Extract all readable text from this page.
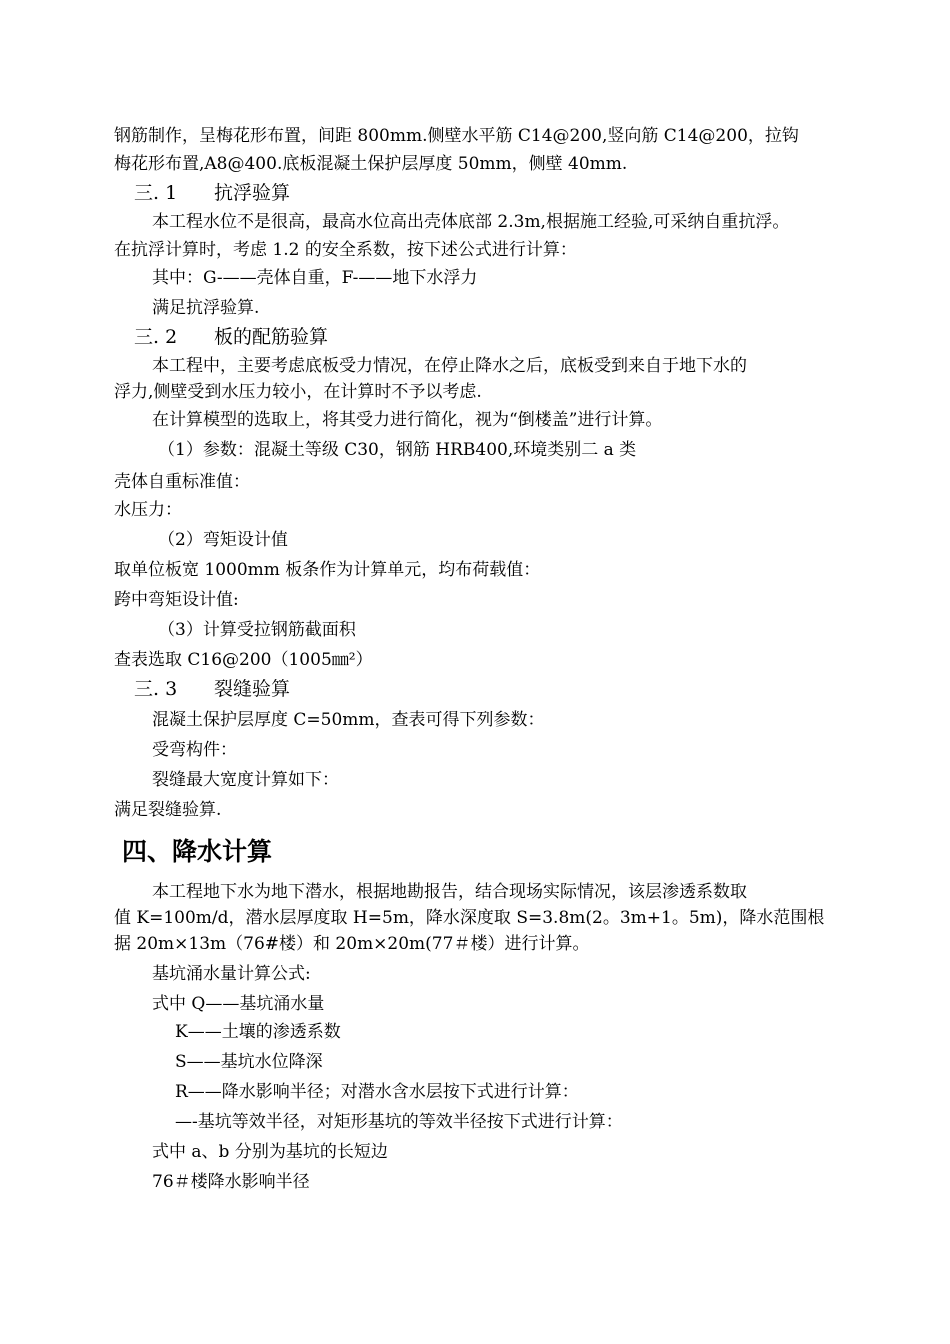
钢筋制作，呈梅花形布置，间距 800mm.侧壁水平筋 C14@200,竖向筋 C14@200，拉钩
梅花形布置,A8@400.底板混凝土保护层厚度 50mm，侧壁 40mm.
三. 1 抗浮验算
本工程水位不是很高，最高水位高出壳体底部 2.3m,根据施工经验,可采纳自重抗浮。
在抗浮计算时，考虑 1.2 的安全系数，按下述公式进行计算：
其中：G-——壳体自重，F-——地下水浮力
满足抗浮验算.
三. 2 板的配筋验算
本工程中，主要考虑底板受力情况，在停止降水之后，底板受到来自于地下水的
浮力,侧壁受到水压力较小，在计算时不予以考虑.
在计算模型的选取上，将其受力进行简化，视为“倒楼盖”进行计算。
（1）参数：混凝土等级 C30，钢筋 HRB400,环境类别二 a 类
壳体自重标准值：
水压力：
（2）弯矩设计值
取单位板宽 1000mm 板条作为计算单元，均布荷载值：
跨中弯矩设计值:
（3）计算受拉钢筋截面积
查表选取 C16@200（1005㎜²）
三. 3 裂缝验算
混凝土保护层厚度 C=50mm，查表可得下列参数：
受弯构件：
裂缝最大宽度计算如下：
满足裂缝验算.
四、降水计算
本工程地下水为地下潜水，根据地勘报告，结合现场实际情况，该层渗透系数取
值 K=100m/d，潜水层厚度取 H=5m，降水深度取 S=3.8m(2。3m+1。5m)，降水范围根
据 20m×13m（76#楼）和 20m×20m(77＃楼）进行计算。
基坑涌水量计算公式:
式中 Q——基坑涌水量
K——土壤的渗透系数
S——基坑水位降深
R——降水影响半径；对潜水含水层按下式进行计算：
—-基坑等效半径，对矩形基坑的等效半径按下式进行计算：
式中 a、b 分别为基坑的长短边
76＃楼降水影响半径
